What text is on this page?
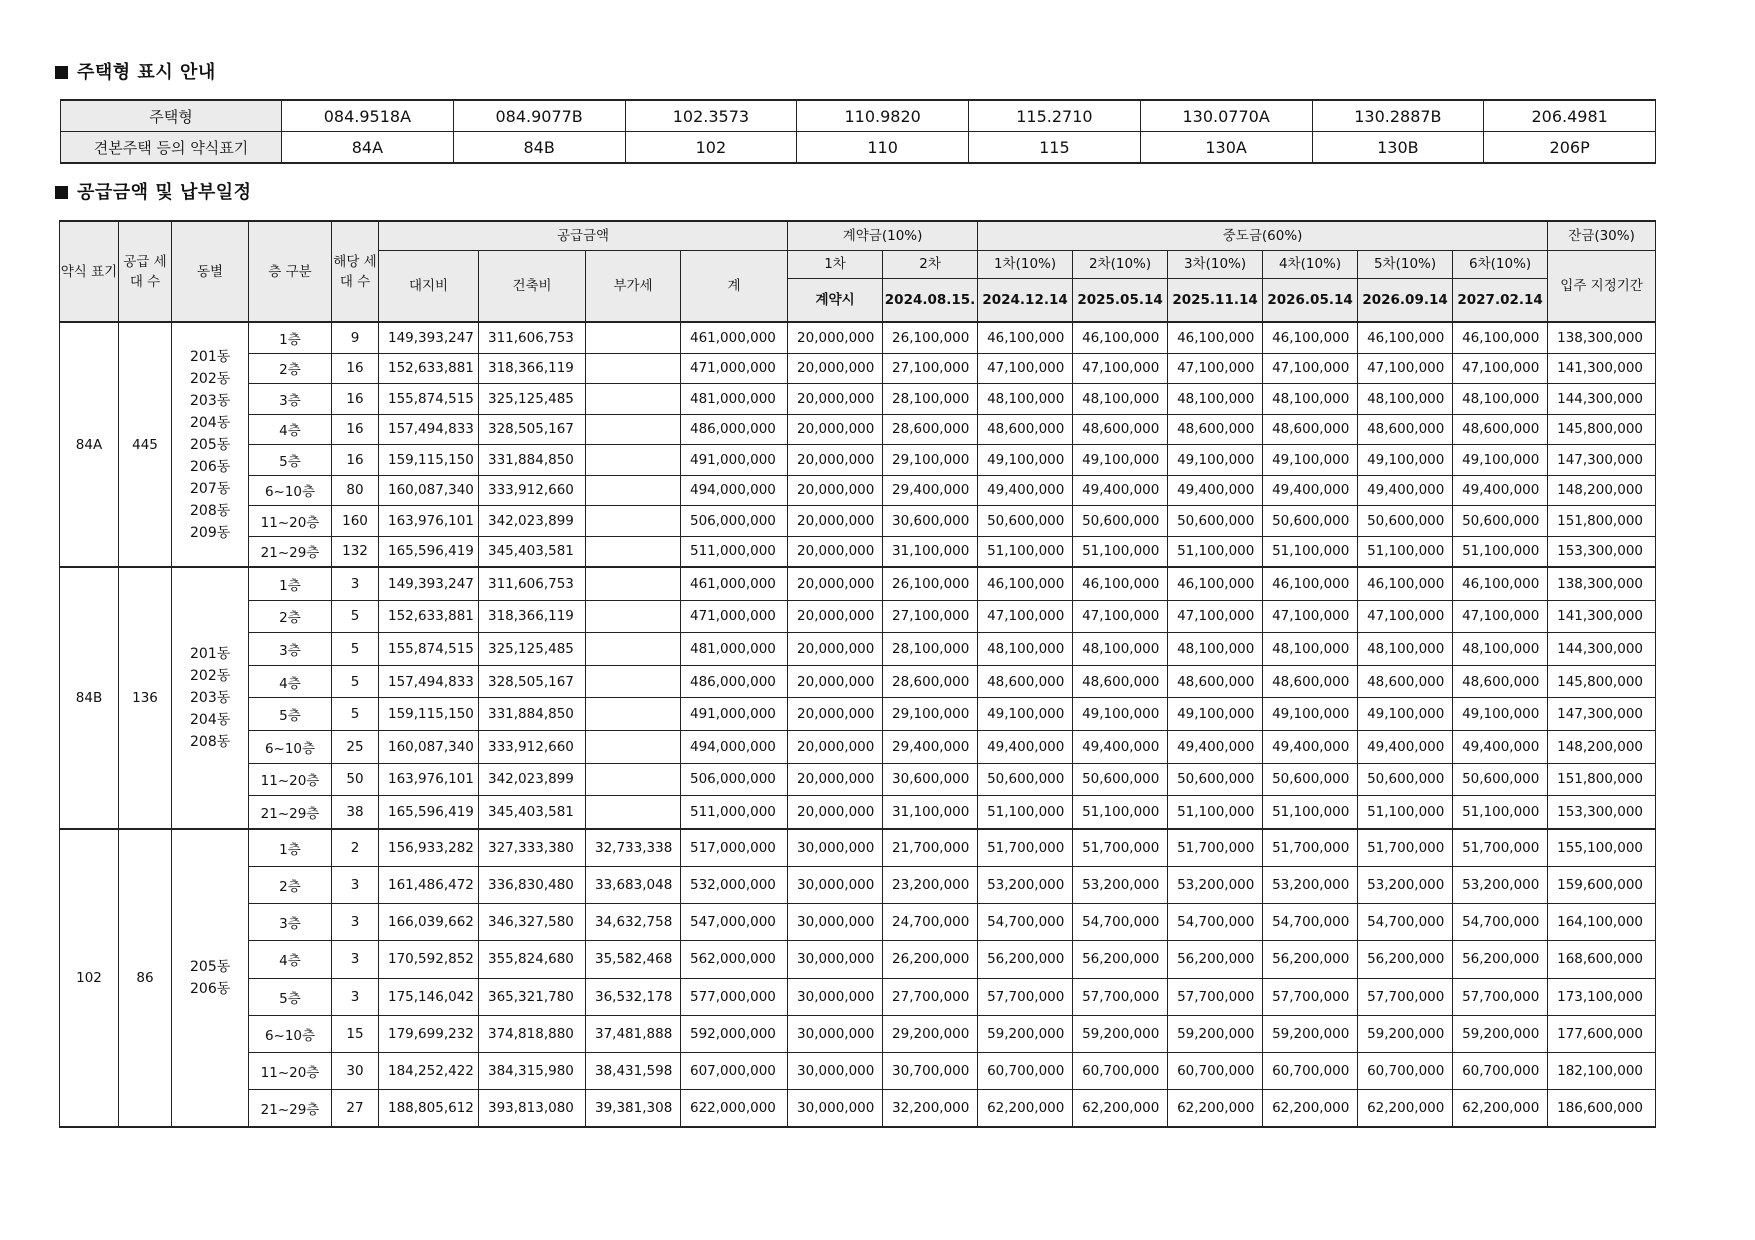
주택형 표시 안내
주택형	084.9518A	084.9077B	102.3573	110.9820	115.2710	130.0770A	130.2887B	206.4981
견본주택 등의 약식표기	84A	84B	102	110	115	130A	130B	206P
공급금액 및 납부일정
약식 표기	공급 세대 수	동별	층 구분	해당 세대 수	공급금액				계약금(10%)		중도금(60%)						잔금(30%)
					대지비	건축비	부가세	계	1차	2차	1차(10%)	2차(10%)	3차(10%)	4차(10%)	5차(10%)	6차(10%)	입주 지정기간
									계약시	2024.08.15.	2024.12.14	2025.05.14	2025.11.14	2026.05.14	2026.09.14	2027.02.14	
84A	445	201동 202동 203동 204동 205동 206동 207동 208동 209동	1층	9	149,393,247	311,606,753		461,000,000	20,000,000	26,100,000	46,100,000	46,100,000	46,100,000	46,100,000	46,100,000	46,100,000	138,300,000
			2층	16	152,633,881	318,366,119		471,000,000	20,000,000	27,100,000	47,100,000	47,100,000	47,100,000	47,100,000	47,100,000	47,100,000	141,300,000
			3층	16	155,874,515	325,125,485		481,000,000	20,000,000	28,100,000	48,100,000	48,100,000	48,100,000	48,100,000	48,100,000	48,100,000	144,300,000
			4층	16	157,494,833	328,505,167		486,000,000	20,000,000	28,600,000	48,600,000	48,600,000	48,600,000	48,600,000	48,600,000	48,600,000	145,800,000
			5층	16	159,115,150	331,884,850		491,000,000	20,000,000	29,100,000	49,100,000	49,100,000	49,100,000	49,100,000	49,100,000	49,100,000	147,300,000
			6~10층	80	160,087,340	333,912,660		494,000,000	20,000,000	29,400,000	49,400,000	49,400,000	49,400,000	49,400,000	49,400,000	49,400,000	148,200,000
			11~20층	160	163,976,101	342,023,899		506,000,000	20,000,000	30,600,000	50,600,000	50,600,000	50,600,000	50,600,000	50,600,000	50,600,000	151,800,000
			21~29층	132	165,596,419	345,403,581		511,000,000	20,000,000	31,100,000	51,100,000	51,100,000	51,100,000	51,100,000	51,100,000	51,100,000	153,300,000
84B	136	201동 202동 203동 204동 208동	1층	3	149,393,247	311,606,753		461,000,000	20,000,000	26,100,000	46,100,000	46,100,000	46,100,000	46,100,000	46,100,000	46,100,000	138,300,000
			2층	5	152,633,881	318,366,119		471,000,000	20,000,000	27,100,000	47,100,000	47,100,000	47,100,000	47,100,000	47,100,000	47,100,000	141,300,000
			3층	5	155,874,515	325,125,485		481,000,000	20,000,000	28,100,000	48,100,000	48,100,000	48,100,000	48,100,000	48,100,000	48,100,000	144,300,000
			4층	5	157,494,833	328,505,167		486,000,000	20,000,000	28,600,000	48,600,000	48,600,000	48,600,000	48,600,000	48,600,000	48,600,000	145,800,000
			5층	5	159,115,150	331,884,850		491,000,000	20,000,000	29,100,000	49,100,000	49,100,000	49,100,000	49,100,000	49,100,000	49,100,000	147,300,000
			6~10층	25	160,087,340	333,912,660		494,000,000	20,000,000	29,400,000	49,400,000	49,400,000	49,400,000	49,400,000	49,400,000	49,400,000	148,200,000
			11~20층	50	163,976,101	342,023,899		506,000,000	20,000,000	30,600,000	50,600,000	50,600,000	50,600,000	50,600,000	50,600,000	50,600,000	151,800,000
			21~29층	38	165,596,419	345,403,581		511,000,000	20,000,000	31,100,000	51,100,000	51,100,000	51,100,000	51,100,000	51,100,000	51,100,000	153,300,000
102	86	205동 206동	1층	2	156,933,282	327,333,380	32,733,338	517,000,000	30,000,000	21,700,000	51,700,000	51,700,000	51,700,000	51,700,000	51,700,000	51,700,000	155,100,000
			2층	3	161,486,472	336,830,480	33,683,048	532,000,000	30,000,000	23,200,000	53,200,000	53,200,000	53,200,000	53,200,000	53,200,000	53,200,000	159,600,000
			3층	3	166,039,662	346,327,580	34,632,758	547,000,000	30,000,000	24,700,000	54,700,000	54,700,000	54,700,000	54,700,000	54,700,000	54,700,000	164,100,000
			4층	3	170,592,852	355,824,680	35,582,468	562,000,000	30,000,000	26,200,000	56,200,000	56,200,000	56,200,000	56,200,000	56,200,000	56,200,000	168,600,000
			5층	3	175,146,042	365,321,780	36,532,178	577,000,000	30,000,000	27,700,000	57,700,000	57,700,000	57,700,000	57,700,000	57,700,000	57,700,000	173,100,000
			6~10층	15	179,699,232	374,818,880	37,481,888	592,000,000	30,000,000	29,200,000	59,200,000	59,200,000	59,200,000	59,200,000	59,200,000	59,200,000	177,600,000
			11~20층	30	184,252,422	384,315,980	38,431,598	607,000,000	30,000,000	30,700,000	60,700,000	60,700,000	60,700,000	60,700,000	60,700,000	60,700,000	182,100,000
			21~29층	27	188,805,612	393,813,080	39,381,308	622,000,000	30,000,000	32,200,000	62,200,000	62,200,000	62,200,000	62,200,000	62,200,000	62,200,000	186,600,000
